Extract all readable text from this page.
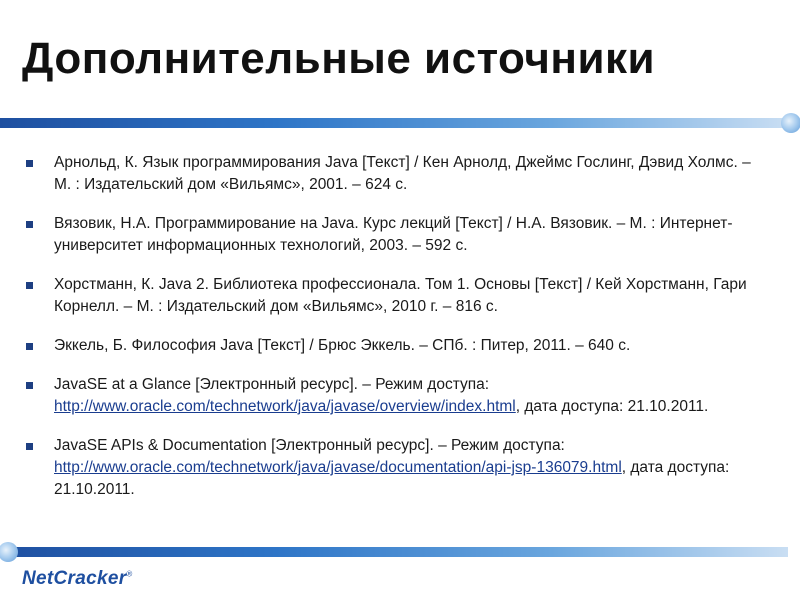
Дополнительные источники
Арнольд, К. Язык программирования Java [Текст] / Кен Арнолд, Джеймс Гослинг, Дэвид Холмс. – М. : Издательский дом «Вильямс», 2001. – 624 с.
Вязовик, Н.А. Программирование на Java. Курс лекций [Текст] / Н.А. Вязовик. – М. : Интернет-университет информационных технологий, 2003. – 592 с.
Хорстманн, К. Java 2. Библиотека профессионала. Том 1. Основы [Текст] / Кей Хорстманн, Гари Корнелл. – М. : Издательский дом «Вильямс», 2010 г. – 816 с.
Эккель, Б. Философия Java [Текст] / Брюс Эккель. – СПб. : Питер, 2011. – 640 с.
JavaSE at a Glance [Электронный ресурс]. – Режим доступа: http://www.oracle.com/technetwork/java/javase/overview/index.html, дата доступа: 21.10.2011.
JavaSE APIs & Documentation [Электронный ресурс]. – Режим доступа: http://www.oracle.com/technetwork/java/javase/documentation/api-jsp-136079.html, дата доступа: 21.10.2011.
NetCracker®
